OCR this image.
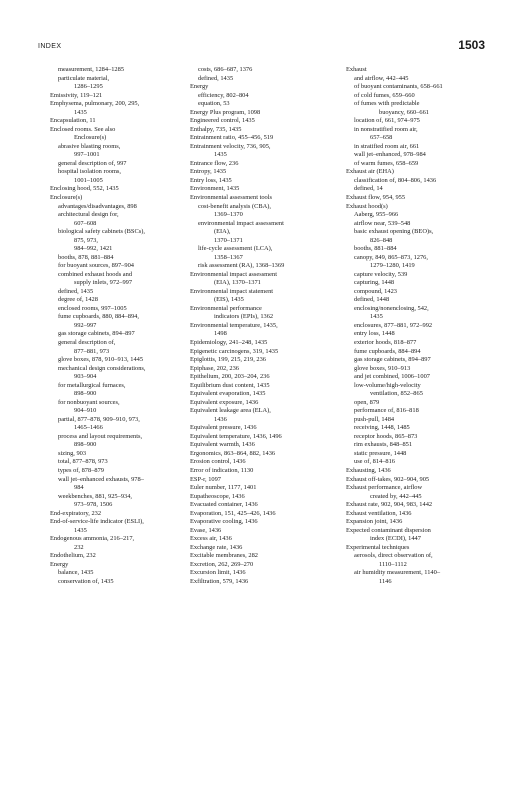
INDEX	1503
measurement, 1284–1285
particulate material,
1286–1295
Emissivity, 119–121
Emphysema, pulmonary, 200, 295,
1435
Encapsulation, 11
Enclosed rooms. See also
Enclosure(s)
abrasive blasting rooms,
997–1001
general description of, 997
hospital isolation rooms,
1001–1005
Enclosing hood, 552, 1435
Enclosure(s)
advantages/disadvantages, 898
architectural design for,
607–608
biological safety cabinets (BSCs),
875, 973,
984–992, 1421
booths, 878, 881–884
for buoyant sources, 897–904
combined exhaust hoods and
supply inlets, 972–997
defined, 1435
degree of, 1428
enclosed rooms, 997–1005
fume cupboards, 880, 884–894,
992–997
gas storage cabinets, 894–897
general description of,
877–881, 973
glove boxes, 878, 910–913, 1445
mechanical design considerations,
903–904
for metallurgical furnaces,
898–900
for nonbuoyant sources,
904–910
partial, 877–878, 909–910, 973,
1465–1466
process and layout requirements,
898–900
sizing, 903
total, 877–878, 973
types of, 878–879
wall jet–enhanced exhausts, 978–
984
weekbenches, 881, 925–934,
973–978, 1506
End-expiratory, 232
End-of-service-life indicator (ESLI),
1435
Endogenous ammonia, 216–217,
232
Endothelium, 232
Energy
balance, 1435
conservation of, 1435
costs, 686–687, 1376
defined, 1435
Energy
efficiency, 802–804
equation, 53
Energy Plus program, 1098
Engineered control, 1435
Enthalpy, 735, 1435
Entrainment ratio, 455–456, 519
Entrainment velocity, 736, 905,
1435
Entrance flow, 236
Entropy, 1435
Entry loss, 1435
Environment, 1435
Environmental assessment tools
cost-benefit analysis (CBA),
1369–1370
environmental impact assessment
(EIA),
1370–1371
life-cycle assessment (LCA),
1358–1367
risk assessment (RA), 1368–1369
Environmental impact assessment
(EIA), 1370–1371
Environmental impact statement
(EIS), 1435
Environmental performance
indicators (EPIs), 1362
Environmental temperature, 1435,
1498
Epidemiology, 241–248, 1435
Epigenetic carcinogens, 319, 1435
Epiglottis, 199, 215, 219, 236
Epiphase, 202, 236
Epithelium, 200, 203–204, 236
Equilibrium dust content, 1435
Equivalent evaporation, 1435
Equivalent exposure, 1436
Equivalent leakage area (ELA),
1436
Equivalent pressure, 1436
Equivalent temperature, 1436, 1496
Equivalent warmth, 1436
Ergonomics, 863–864, 882, 1436
Erosion control, 1436
Error of indication, 1130
ESP-r, 1097
Euler number, 1177, 1401
Eupatheoscope, 1436
Evacuated container, 1436
Evaporation, 151, 425–426, 1436
Evaporative cooling, 1436
Evase, 1436
Excess air, 1436
Exchange rate, 1436
Excitable membranes, 282
Excretion, 262, 269–270
Excursion limit, 1436
Exfiltration, 579, 1436
Exhaust
and airflow, 442–445
of buoyant contaminants, 658–661
of cold fumes, 659–660
of fumes with predictable
buoyancy, 660–661
location of, 661, 974–975
in nonstratified room air,
657–658
in stratified room air, 661
wall jet–enhanced, 978–984
of warm fumes, 658–659
Exhaust air (EHA)
classification of, 804–806, 1436
defined, 14
Exhaust flow, 954, 955
Exhaust hood(s)
Aaberg, 955–966
airflow near, 539–548
basic exhaust opening (BEO)s,
826–848
booths, 881–884
canopy, 849, 865–873, 1276,
1279–1280, 1419
capture velocity, 539
capturing, 1448
compound, 1423
defined, 1448
enclosing/nonenclosing, 542,
1435
enclosures, 877–881, 972–992
entry loss, 1448
exterior hoods, 818–877
fume cupboards, 884–894
gas storage cabinets, 894–897
glove boxes, 910–913
and jet combined, 1006–1007
low-volume/high-velocity
ventilation, 852–865
open, 879
performance of, 816–818
push-pull, 1484
receiving, 1448, 1485
receptor hoods, 865–873
rim exhausts, 848–851
static pressure, 1448
use of, 814–816
Exhausting, 1436
Exhaust off-takes, 902–904, 905
Exhaust performance, airflow
created by, 442–445
Exhaust rate, 902, 904, 983, 1442
Exhaust ventilation, 1436
Expansion joint, 1436
Expected contaminant dispersion
index (ECDI), 1447
Experimental techniques
aerosols, direct observation of,
1110–1112
air humidity measurement, 1140–
1146
